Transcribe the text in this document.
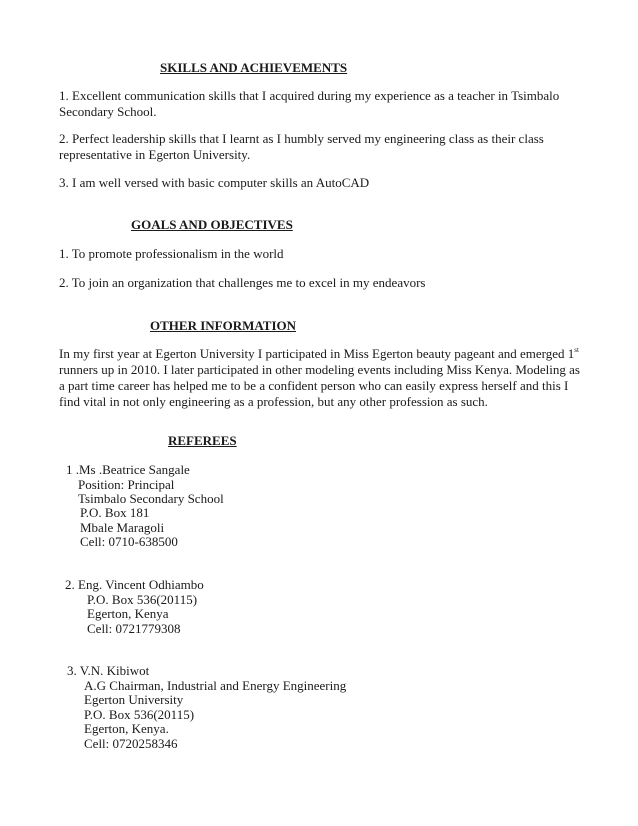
SKILLS AND ACHIEVEMENTS
1. Excellent communication skills that I acquired during my experience as a teacher in Tsimbalo Secondary School.
2. Perfect leadership skills that I learnt as I humbly served my engineering class as their class representative in Egerton University.
3. I am well versed with basic computer skills an AutoCAD
GOALS AND OBJECTIVES
1. To promote professionalism in the world
2. To join an organization that challenges me to excel in my endeavors
OTHER INFORMATION
In my first year at Egerton University I participated in Miss Egerton beauty pageant and emerged 1st runners up in 2010. I later participated in other modeling events including Miss Kenya. Modeling as a part time career has helped me to be a confident person who can easily express herself and this I find vital in not only engineering as a profession, but any other profession as such.
REFEREES
1 .Ms .Beatrice Sangale
Position: Principal
Tsimbalo Secondary School
P.O. Box 181
Mbale Maragoli
Cell: 0710-638500
2. Eng. Vincent Odhiambo
P.O. Box 536(20115)
Egerton, Kenya
Cell: 0721779308
3. V.N. Kibiwot
A.G Chairman, Industrial and Energy Engineering
Egerton University
P.O. Box 536(20115)
Egerton, Kenya.
Cell: 0720258346
